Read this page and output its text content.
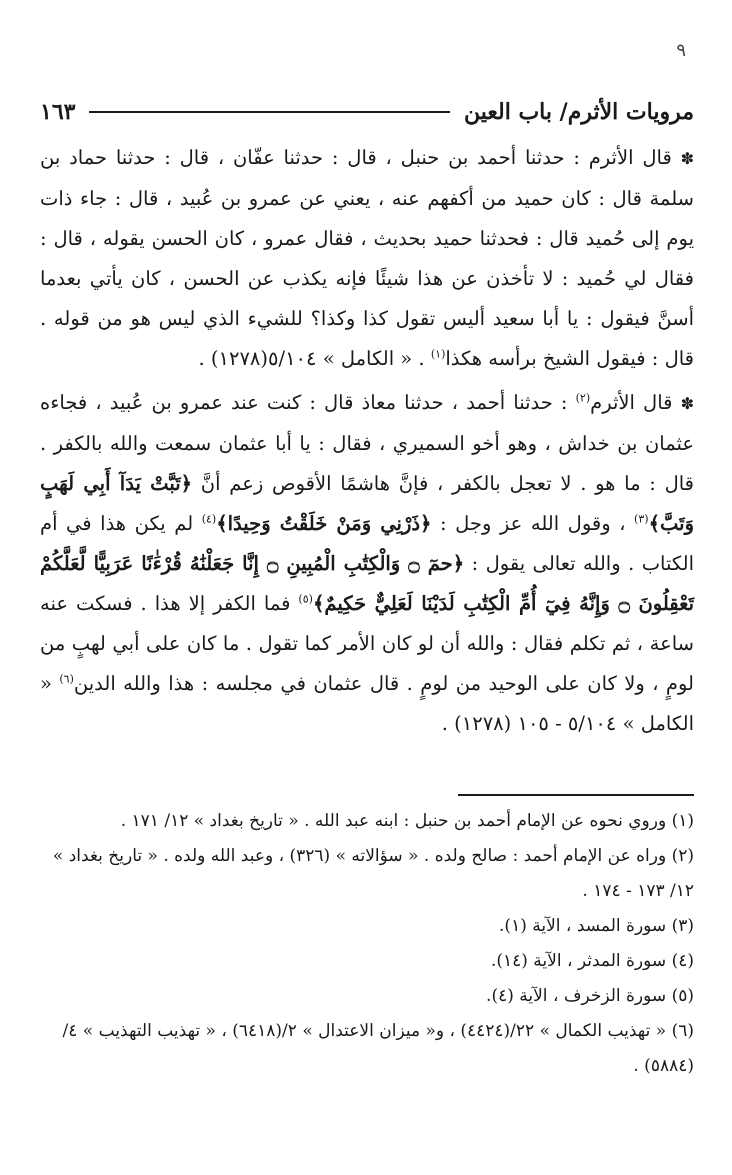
٩
مرويات الأثرم/ باب العين
١٦٣

✽ قال الأثرم : حدثنا أحمد بن حنبل ، قال : حدثنا عفّان ، قال : حدثنا حماد بن سلمة قال : كان حميد من أكفهم عنه ، يعني عن عمرو بن عُبيد ، قال : جاء ذات يوم إلى حُميد قال : فحدثنا حميد بحديث ، فقال عمرو ، كان الحسن يقوله ، قال : فقال لي حُميد : لا تأخذن عن هذا شيئًا فإنه يكذب عن الحسن ، كان يأتي بعدما أسنَّ فيقول : يا أبا سعيد أليس تقول كذا وكذا؟ للشيء الذي ليس هو من قوله . قال : فيقول الشيخ برأسه هكذا$^{(١)}$ . « الكامل » ٥/١٠٤(١٢٧٨) .

✽ قال الأثرم$^{(٢)}$ : حدثنا أحمد ، حدثنا معاذ قال : كنت عند عمرو بن عُبيد ، فجاءه عثمان بن خداش ، وهو أخو السميري ، فقال : يا أبا عثمان سمعت والله بالكفر . قال : ما هو . لا تعجل بالكفر ، فإنَّ هاشمًا الأقوص زعم أنَّ ﴿تَبَّتْ يَدَآ أَبِي لَهَبٍ وَتَبَّ﴾$^{(٣)}$ ، وقول الله عز وجل : ﴿ذَرْنِي وَمَنْ خَلَقْتُ وَحِيدًا﴾$^{(٤)}$ لم يكن هذا في أم الكتاب . والله تعالى يقول : ﴿حمٓ ۝ وَالْكِتَٰبِ الْمُبِينِ ۝ إِنَّا جَعَلْنَٰهُ قُرْءَٰنًا عَرَبِيًّا لَّعَلَّكُمْ تَعْقِلُونَ ۝ وَإِنَّهُ فِيٓ أُمِّ الْكِتَٰبِ لَدَيْنَا لَعَلِيٌّ حَكِيمٌ﴾$^{(٥)}$ فما الكفر إلا هذا . فسكت عنه ساعة ، ثم تكلم فقال : والله أن لو كان الأمر كما تقول . ما كان على أبي لهبٍ من لومٍ ، ولا كان على الوحيد من لومٍ . قال عثمان في مجلسه : هذا والله الدين$^{(٦)}$ « الكامل » ٥/١٠٤ - ١٠٥ (١٢٧٨) .

(١) وروي نحوه عن الإمام أحمد بن حنبل : ابنه عبد الله . « تاريخ بغداد » ١٢/ ١٧١ .

(٢) وراه عن الإمام أحمد : صالح ولده . « سؤالاته » (٣٢٦) ، وعبد الله ولده . « تاريخ بغداد » ١٢/ ١٧٣ - ١٧٤ .

(٣) سورة المسد ، الآية (١).

(٤) سورة المدثر ، الآية (١٤).

(٥) سورة الزخرف ، الآية (٤).

(٦) « تهذيب الكمال » ٢٢/(٤٤٢٤) ، و« ميزان الاعتدال » ٢/(٦٤١٨) ، « تهذيب التهذيب » ٤/ (٥٨٨٤) .
